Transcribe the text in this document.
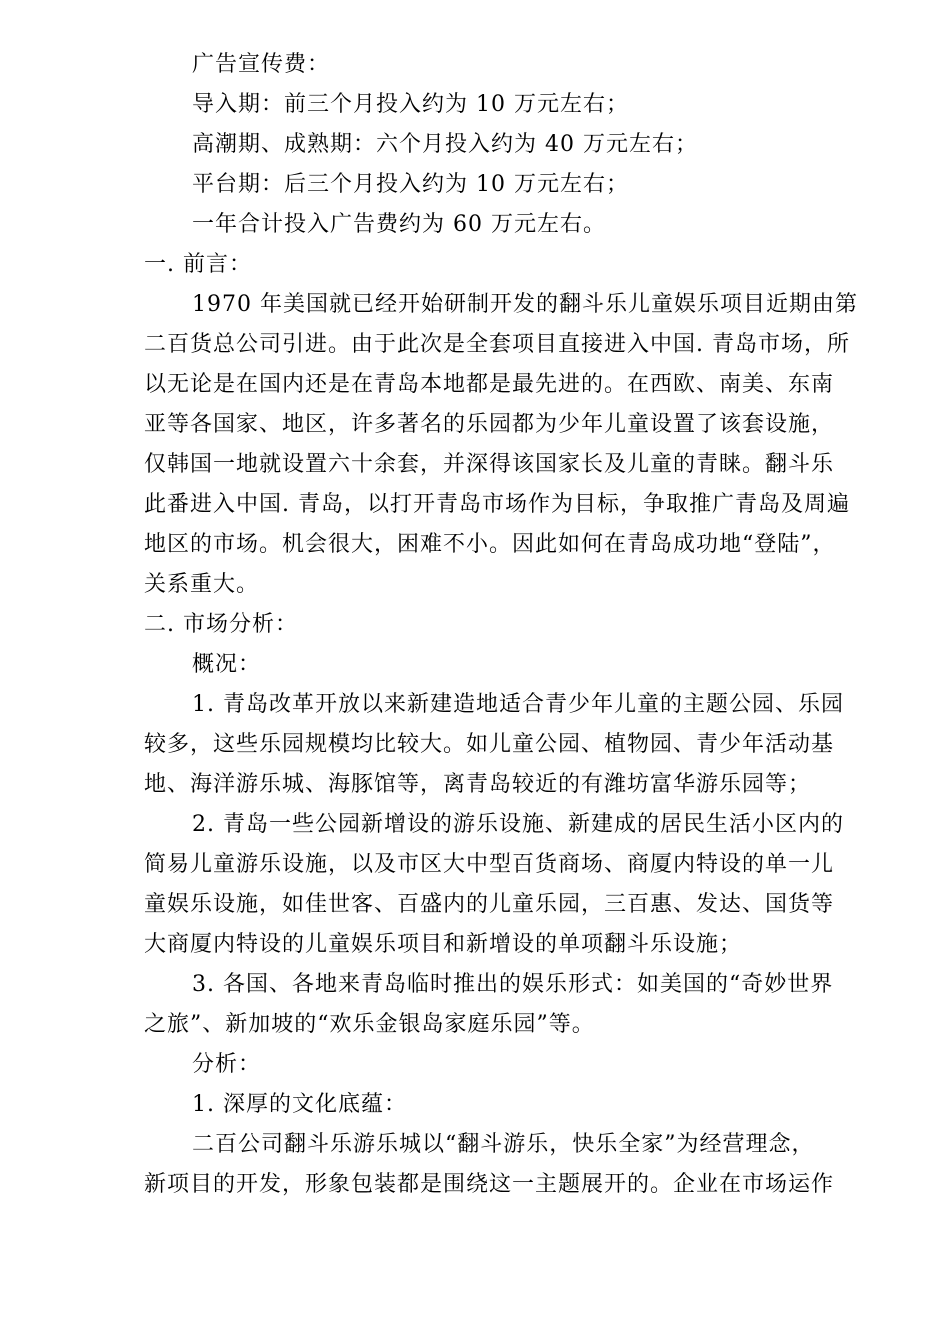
广告宣传费：
导入期：前三个月投入约为 10 万元左右；
高潮期、成熟期：六个月投入约为 40 万元左右；
平台期：后三个月投入约为 10 万元左右；
一年合计投入广告费约为 60 万元左右。
一. 前言：
1970 年美国就已经开始研制开发的翻斗乐儿童娱乐项目近期由第
二百货总公司引进。由于此次是全套项目直接进入中国. 青岛市场，所
以无论是在国内还是在青岛本地都是最先进的。在西欧、南美、东南
亚等各国家、地区，许多著名的乐园都为少年儿童设置了该套设施，
仅韩国一地就设置六十余套，并深得该国家长及儿童的青睐。翻斗乐
此番进入中国. 青岛，以打开青岛市场作为目标，争取推广青岛及周遍
地区的市场。机会很大，困难不小。因此如何在青岛成功地“登陆”，
关系重大。
二. 市场分析：
概况：
1. 青岛改革开放以来新建造地适合青少年儿童的主题公园、乐园
较多，这些乐园规模均比较大。如儿童公园、植物园、青少年活动基
地、海洋游乐城、海豚馆等，离青岛较近的有潍坊富华游乐园等；
2. 青岛一些公园新增设的游乐设施、新建成的居民生活小区内的
简易儿童游乐设施，以及市区大中型百货商场、商厦内特设的单一儿
童娱乐设施，如佳世客、百盛内的儿童乐园，三百惠、发达、国货等
大商厦内特设的儿童娱乐项目和新增设的单项翻斗乐设施；
3. 各国、各地来青岛临时推出的娱乐形式：如美国的“奇妙世界
之旅”、新加坡的“欢乐金银岛家庭乐园”等。
分析：
1. 深厚的文化底蕴：
二百公司翻斗乐游乐城以“翻斗游乐，快乐全家”为经营理念，
新项目的开发，形象包装都是围绕这一主题展开的。企业在市场运作
